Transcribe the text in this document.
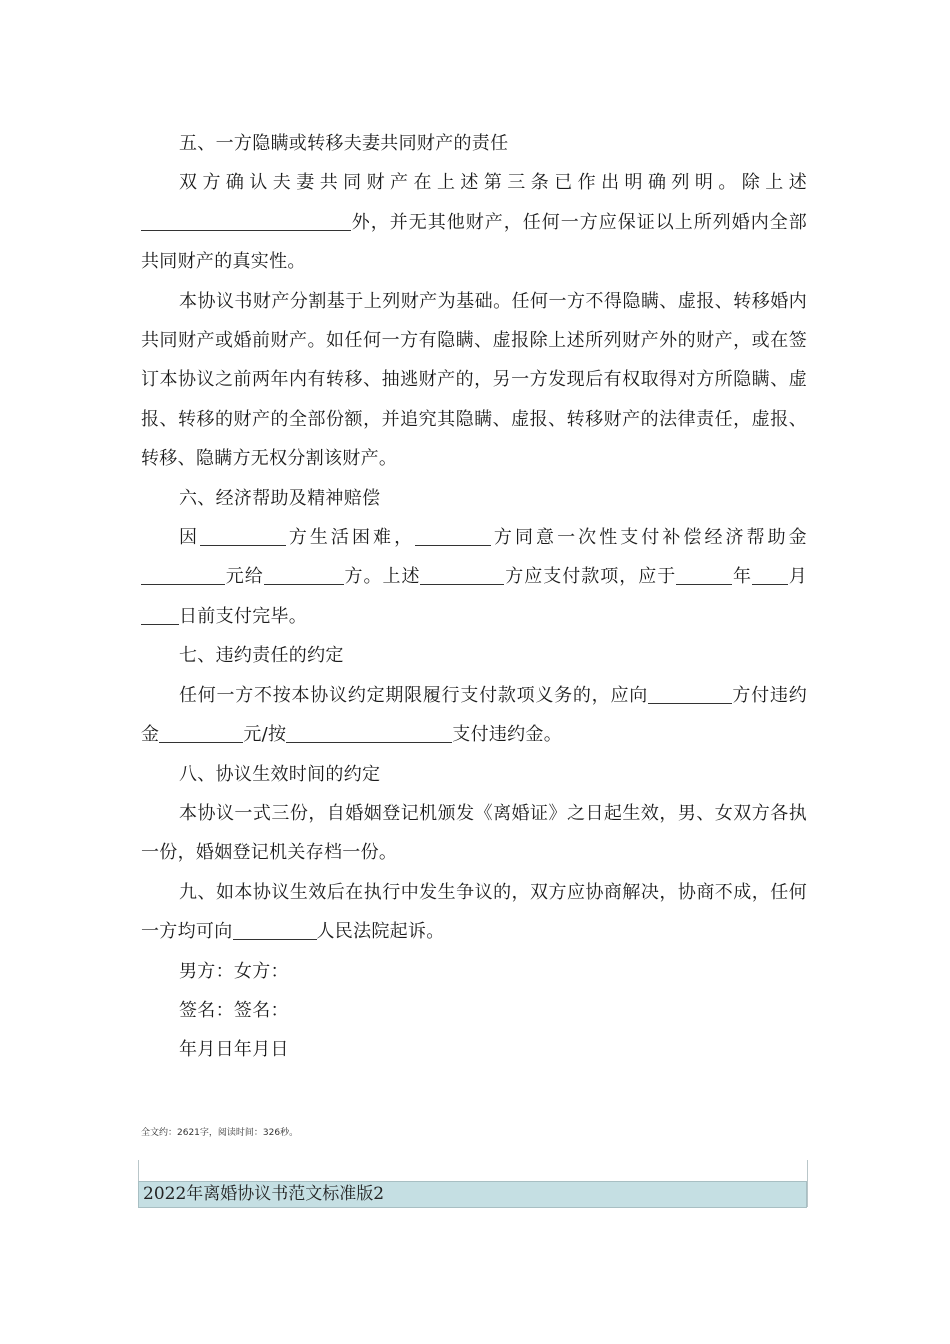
五、一方隐瞒或转移夫妻共同财产的责任

双方确认夫妻共同财产在上述第三条已作出明确列明。除上述外，并无其他财产，任何一方应保证以上所列婚内全部共同财产的真实性。

本协议书财产分割基于上列财产为基础。任何一方不得隐瞒、虚报、转移婚内共同财产或婚前财产。如任何一方有隐瞒、虚报除上述所列财产外的财产，或在签订本协议之前两年内有转移、抽逃财产的，另一方发现后有权取得对方所隐瞒、虚报、转移的财产的全部份额，并追究其隐瞒、虚报、转移财产的法律责任，虚报、转移、隐瞒方无权分割该财产。

六、经济帮助及精神赔偿

因	方生活困难，	方同意一次性支付补偿经济帮助金元给	方。上述	方应支付款项，应于	年 月日前支付完毕。

七、违约责任的约定

任何一方不按本协议约定期限履行支付款项义务的，应向	方付违约金	元/按	支付违约金。

八、协议生效时间的约定

本协议一式三份，自婚姻登记机颁发《离婚证》之日起生效，男、女双方各执一份，婚姻登记机关存档一份。

九、如本协议生效后在执行中发生争议的，双方应协商解决，协商不成，任何一方均可向	人民法院起诉。

男方：女方：

签名：签名：

年月日年月日

全文约：2621字，阅读时间：326秒。
2022年离婚协议书范文标准版2
